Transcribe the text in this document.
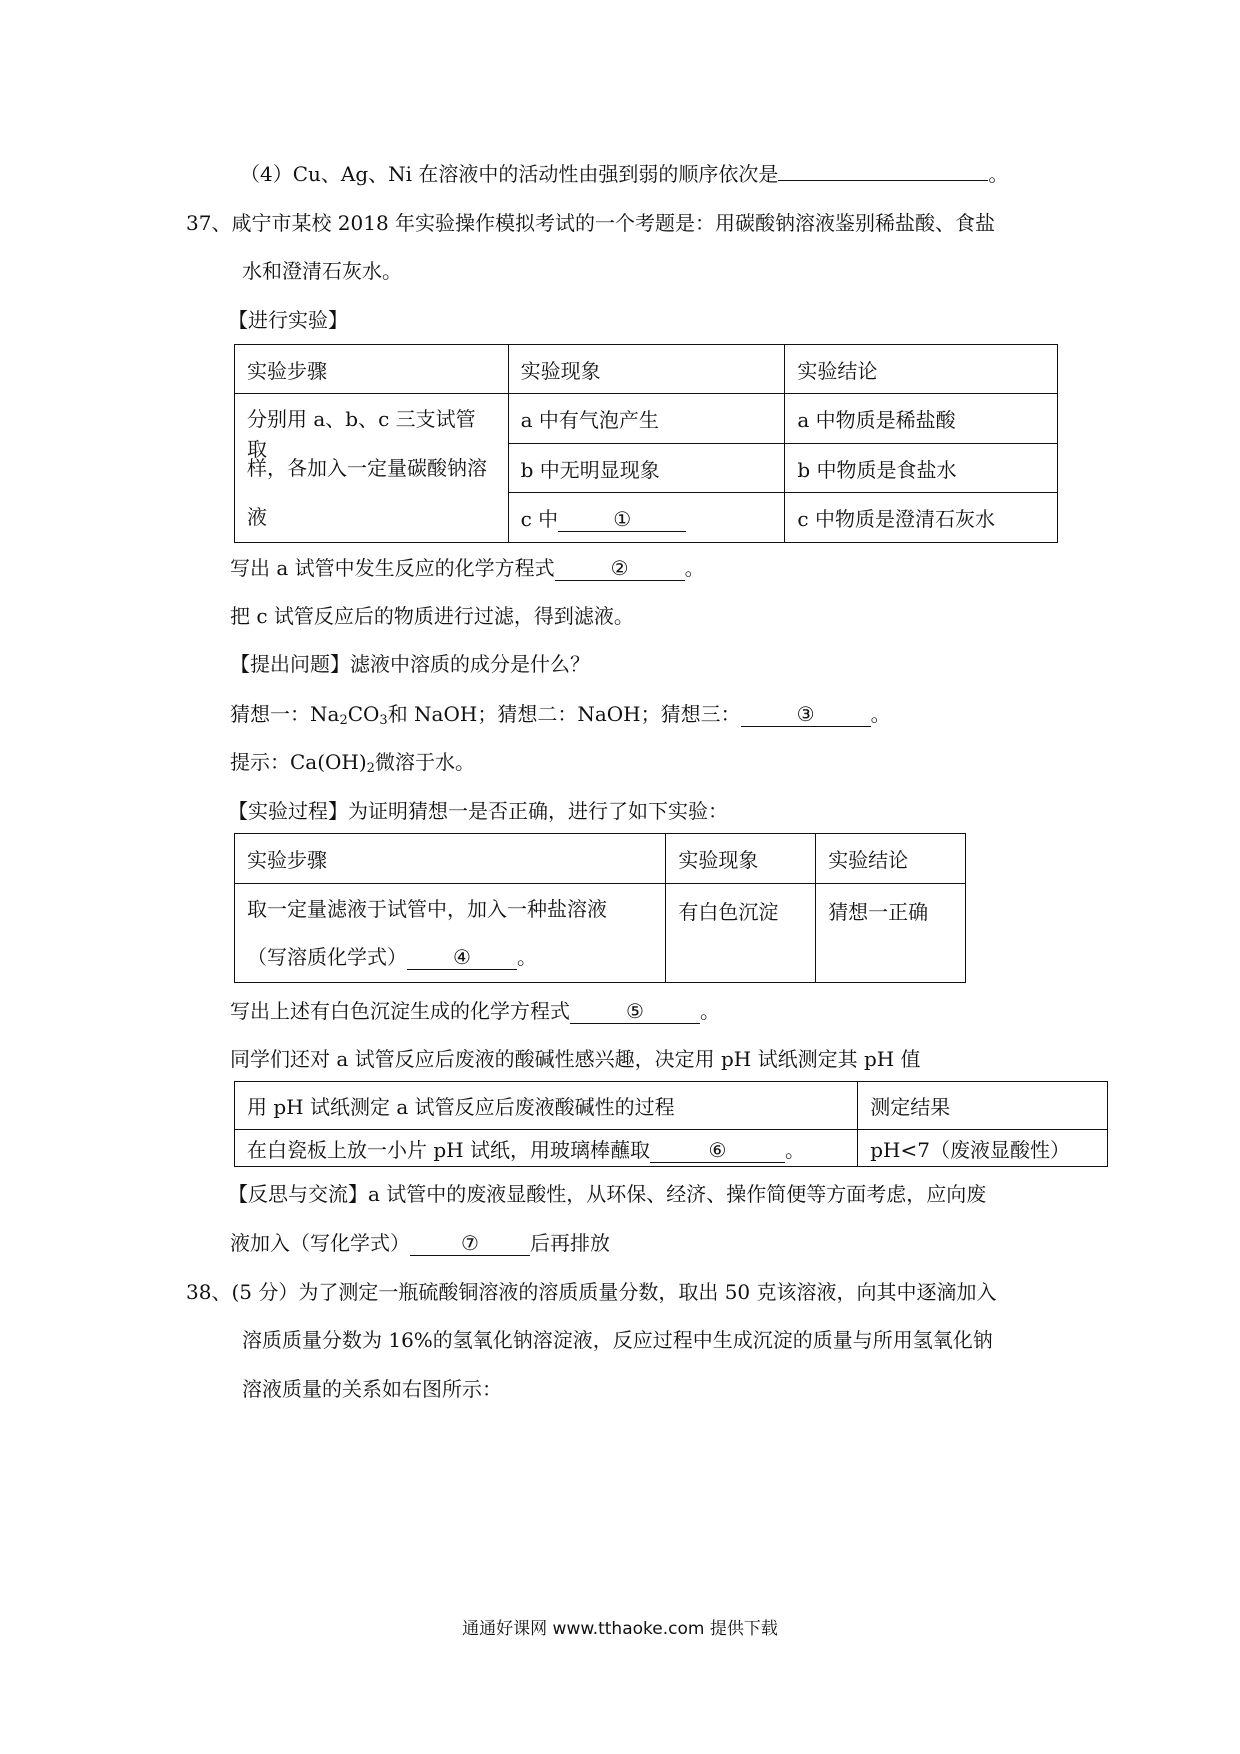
（4）Cu、Ag、Ni 在溶液中的活动性由强到弱的顺序依次是	。
37、咸宁市某校 2018 年实验操作模拟考试的一个考题是：用碳酸钠溶液鉴别稀盐酸、食盐
水和澄清石灰水。
【进行实验】
实验步骤	实验现象	实验结论

分别用 a、b、c 三支试管取
样，各加入一定量碳酸钠溶
液	a 中有气泡产生	a 中物质是稀盐酸
	b 中无明显现象	b 中物质是食盐水
	c 中 ①	c 中物质是澄清石灰水
写出 a 试管中发生反应的化学方程式	②	。
把 c 试管反应后的物质进行过滤，得到滤液。
【提出问题】滤液中溶质的成分是什么？
猜想一：$Na_2CO_3$和 NaOH；猜想二：NaOH；猜想三：	③	。
提示：$Ca(OH)_2$微溶于水。
【实验过程】为证明猜想一是否正确，进行了如下实验：
实验步骤	实验现象	实验结论

取一定量滤液于试管中，加入一种盐溶液
（写溶质化学式） ④ 。	有白色沉淀	猜想一正确
写出上述有白色沉淀生成的化学方程式	⑤	。
同学们还对 a 试管反应后废液的酸碱性感兴趣，决定用 pH 试纸测定其 pH 值
用 pH 试纸测定 a 试管反应后废液酸碱性的过程	测定结果
在白瓷板上放一小片 pH 试纸，用玻璃棒蘸取 ⑥ 。	pH<7（废液显酸性）
【反思与交流】a 试管中的废液显酸性，从环保、经济、操作简便等方面考虑，应向废
液加入（写化学式）	⑦	后再排放
38、(5 分）为了测定一瓶硫酸铜溶液的溶质质量分数，取出 50 克该溶液，向其中逐滴加入
溶质质量分数为 16%的氢氧化钠溶淀液，反应过程中生成沉淀的质量与所用氢氧化钠
溶液质量的关系如右图所示：
通通好课网 www.tthaoke.com 提供下载
